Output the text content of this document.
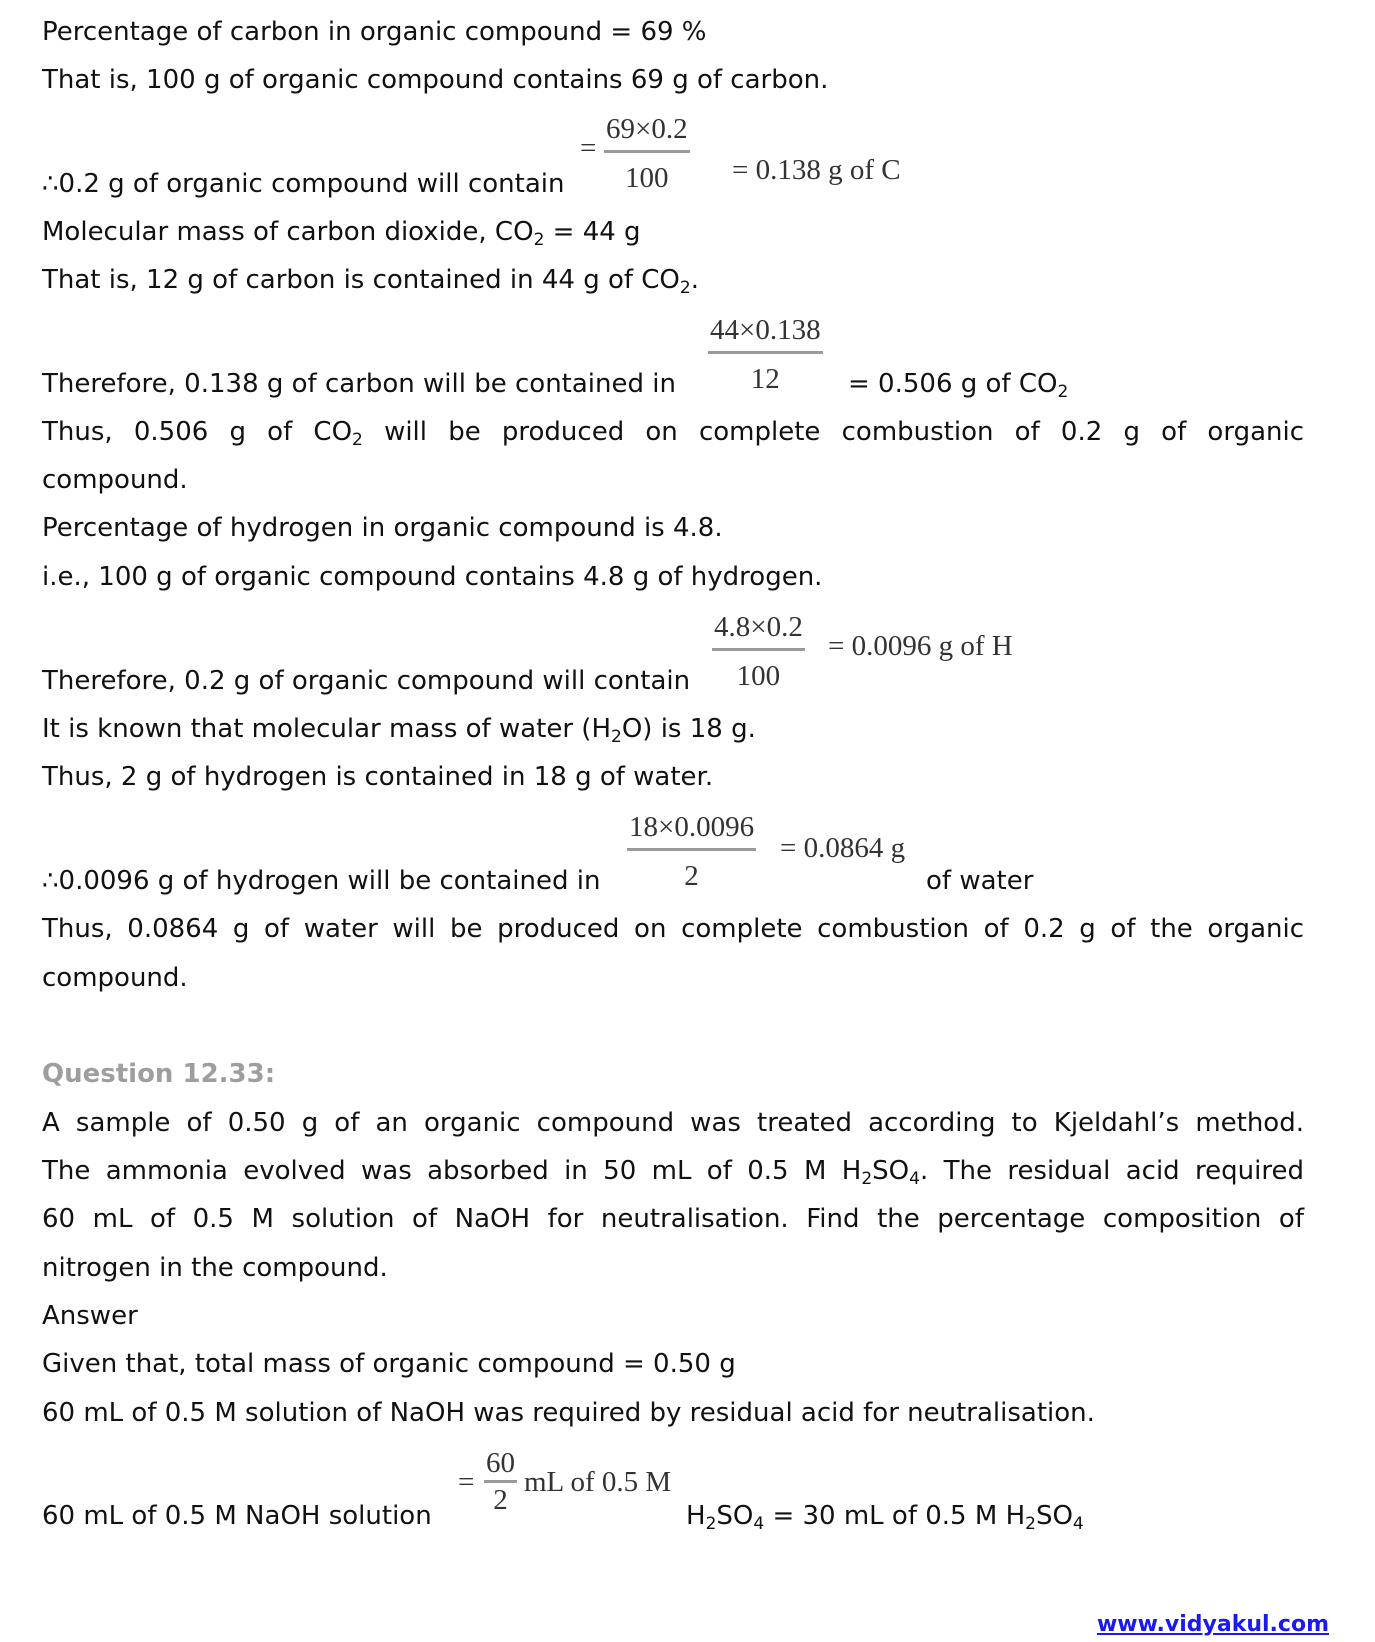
Percentage of carbon in organic compound = 69 %
That is, 100 g of organic compound contains 69 g of carbon.
=
69×0.2
100 = 0.138 g of C
∴0.2 g of organic compound will contain
Molecular mass of carbon dioxide, $CO_2 = 44$ g
That is, 12 g of carbon is contained in 44 g of $CO_2$.
44×0.138
12
Therefore, 0.138 g of carbon will be contained in	= 0.506 g of $CO_2$
Thus, 0.506 g of $CO_2$ will be produced on complete combustion of 0.2 g of organic
compound.
Percentage of hydrogen in organic compound is 4.8.
i.e., 100 g of organic compound contains 4.8 g of hydrogen.
4.8×0.2
100
= 0.0096 g of H
Therefore, 0.2 g of organic compound will contain
It is known that molecular mass of water $(H_2O)$ is 18 g.
Thus, 2 g of hydrogen is contained in 18 g of water.
18×0.0096
2
= 0.0864 g
∴0.0096 g of hydrogen will be contained in	of water
Thus, 0.0864 g of water will be produced on complete combustion of 0.2 g of the organic
compound.
Question 12.33:
A sample of 0.50 g of an organic compound was treated according to Kjeldahl’s method.
The ammonia evolved was absorbed in 50 mL of 0.5 M $H_2SO_4$. The residual acid required
60 mL of 0.5 M solution of NaOH for neutralisation. Find the percentage composition of
nitrogen in the compound.
Answer
Given that, total mass of organic compound = 0.50 g
60 mL of 0.5 M solution of NaOH was required by residual acid for neutralisation.
=
60
2
mL of 0.5 M
60 mL of 0.5 M NaOH solution	$H_2SO_4 = 30$ mL of 0.5 M $H_2SO_4$
www.vidyakul.com
